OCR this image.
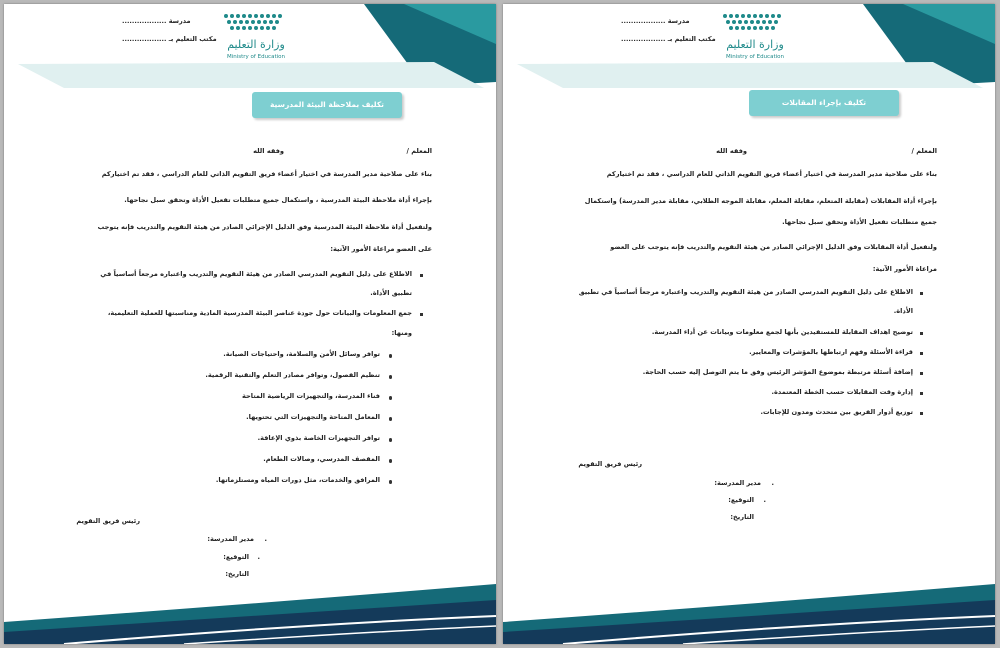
مدرسة ..................
مكتب التعليم بـ .................. وزارة التعليم
Ministry of Education
تكليف بملاحظة البيئة المدرسية
المعلم /
وفقه الله
بناء على صلاحية مدير المدرسة في اختيار أعضاء فريق التقويم الذاتي للعام الدراسي ، فقد تم اختياركم
بإجراء أداة ملاحظة البيئة المدرسية ، واستكمال جميع متطلبات تفعيل الأداة وتحقق سبل نجاحها.
ولتفعيل أداة ملاحظة البيئة المدرسية وفق الدليل الإجرائي الصادر من هيئة التقويم والتدريب فإنه يتوجب
على العضو مراعاة الأمور الآتية:
الاطلاع على دليل التقويم المدرسي الصادر من هيئة التقويم والتدريب واعتباره مرجعاً أساسياً في
تطبيق الأداة.
جمع المعلومات والبيانات حول جودة عناصر البيئة المدرسية المادية ومناسبتها للعملية التعليمية،
ومنها:
توافر وسائل الأمن والسلامة، واحتياجات الصيانة.
تنظيم الفصول، وتوافر مصادر التعلم والتقنية الرقمية.
فناء المدرسة، والتجهيزات الرياضية المتاحة
المعامل المتاحة والتجهيزات التي تحتويها.
توافر التجهيزات الخاصة بذوي الإعاقة.
المقصف المدرسي، وصالات الطعام.
المرافق والخدمات، مثل دورات المياه ومستلزماتها.
رئيس فريق التقويم
مدير المدرسة: .
التوقيع: .
التاريخ:
مدرسة ..................
مكتب التعليم بـ .................. وزارة التعليم
Ministry of Education
تكليف بإجراء المقابلات
المعلم /
وفقه الله
بناء على صلاحية مدير المدرسة في اختيار أعضاء فريق التقويم الذاتي للعام الدراسي ، فقد تم اختياركم
بإجراء أداة المقابلات (مقابلة المتعلم، مقابلة المعلم، مقابلة الموجه الطلابي، مقابلة مدير المدرسة) واستكمال
جميع متطلبات تفعيل الأداة وتحقق سبل نجاحها.
ولتفعيل أداة المقابلات وفق الدليل الإجرائي الصادر من هيئة التقويم والتدريب فإنه يتوجب على العضو
مراعاة الأمور الآتية:
الاطلاع على دليل التقويم المدرسي الصادر من هيئة التقويم والتدريب واعتباره مرجعاً أساسياً في تطبيق
الأداة.
توضيح اهداف المقابلة للمستفيدين بأنها لجمع معلومات وبيانات عن أداء المدرسة.
قراءة الأسئلة وفهم ارتباطها بالمؤشرات والمعايير.
إضافة أسئلة مرتبطة بموضوع المؤشر الرئيس وفق ما يتم التوصل إليه حسب الحاجة.
إدارة وقت المقابلات حسب الخطة المعتمدة.
توزيع أدوار الفريق بين متحدث ومدون للإجابات.
رئيس فريق التقويم
مدير المدرسة: .
التوقيع: .
التاريخ:
